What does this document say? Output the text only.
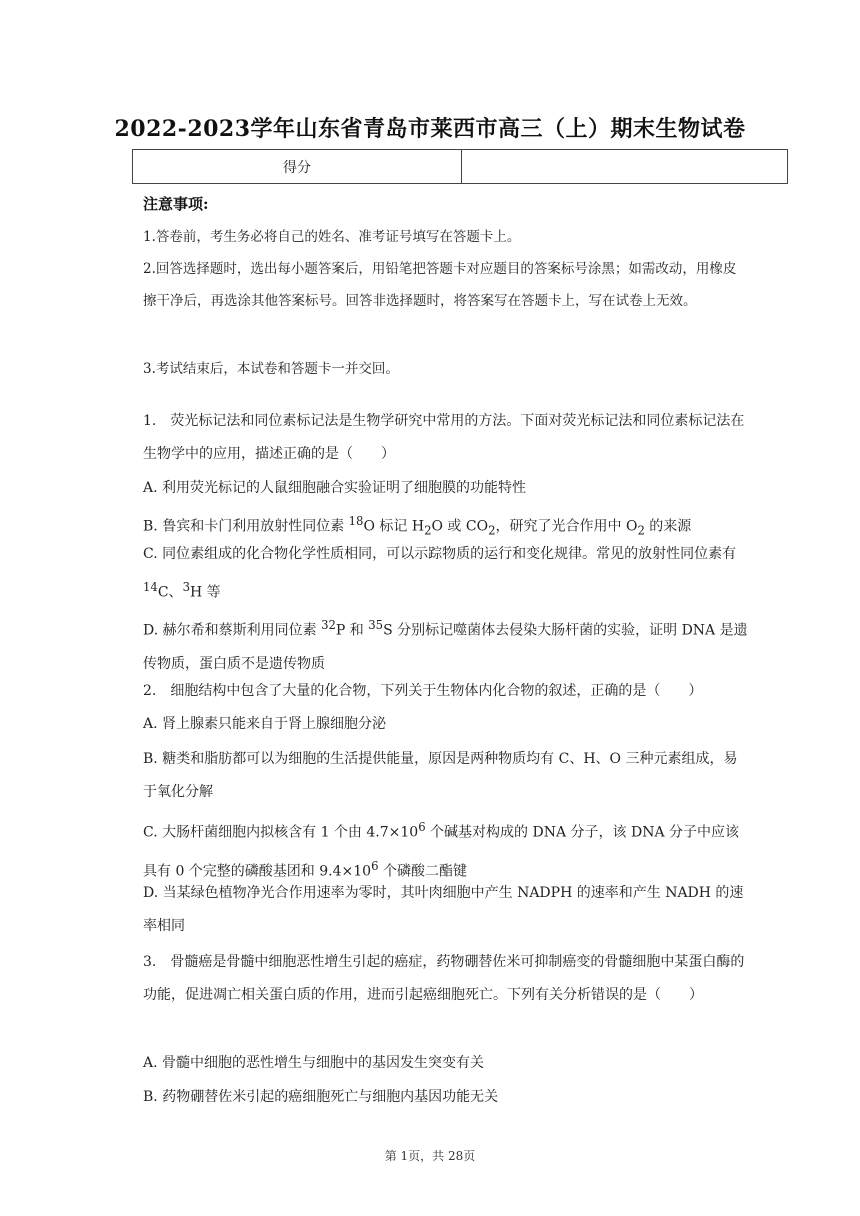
2022-2023学年山东省青岛市莱西市高三（上）期末生物试卷
得分	
注意事项:
1.答卷前，考生务必将自己的姓名、准考证号填写在答题卡上。
2.回答选择题时，选出每小题答案后，用铅笔把答题卡对应题目的答案标号涂黑；如需改动，用橡皮擦干净后，再选涂其他答案标号。回答非选择题时，将答案写在答题卡上，写在试卷上无效。
3.考试结束后，本试卷和答题卡一并交回。
1.　荧光标记法和同位素标记法是生物学研究中常用的方法。下面对荧光标记法和同位素标记法在生物学中的应用，描述正确的是（　　）
A. 利用荧光标记的人鼠细胞融合实验证明了细胞膜的功能特性
B. 鲁宾和卡门利用放射性同位素 $^{18}$O 标记 $H_2O$ 或 $CO_2$，研究了光合作用中 $O_2$ 的来源
C. 同位素组成的化合物化学性质相同，可以示踪物质的运行和变化规律。常见的放射性同位素有 $^{14}$C、$^3$H 等
D. 赫尔希和蔡斯利用同位素 $^{32}$P 和 $^{35}$S 分别标记噬菌体去侵染大肠杆菌的实验，证明 DNA 是遗传物质，蛋白质不是遗传物质
2.　细胞结构中包含了大量的化合物，下列关于生物体内化合物的叙述，正确的是（　　）
A. 肾上腺素只能来自于肾上腺细胞分泌
B. 糖类和脂肪都可以为细胞的生活提供能量，原因是两种物质均有 C、H、O 三种元素组成，易于氧化分解
C. 大肠杆菌细胞内拟核含有 1 个由 $4.7\times 10^6$ 个碱基对构成的 DNA 分子，该 DNA 分子中应该具有 0 个完整的磷酸基团和 $9.4\times 10^6$ 个磷酸二酯键
D. 当某绿色植物净光合作用速率为零时，其叶肉细胞中产生 NADPH 的速率和产生 NADH 的速率相同
3.　骨髓癌是骨髓中细胞恶性增生引起的癌症，药物硼替佐米可抑制癌变的骨髓细胞中某蛋白酶的功能，促进凋亡相关蛋白质的作用，进而引起癌细胞死亡。下列有关分析错误的是（　　）
A. 骨髓中细胞的恶性增生与细胞中的基因发生突变有关
B. 药物硼替佐米引起的癌细胞死亡与细胞内基因功能无关
第 1页，共 28页
